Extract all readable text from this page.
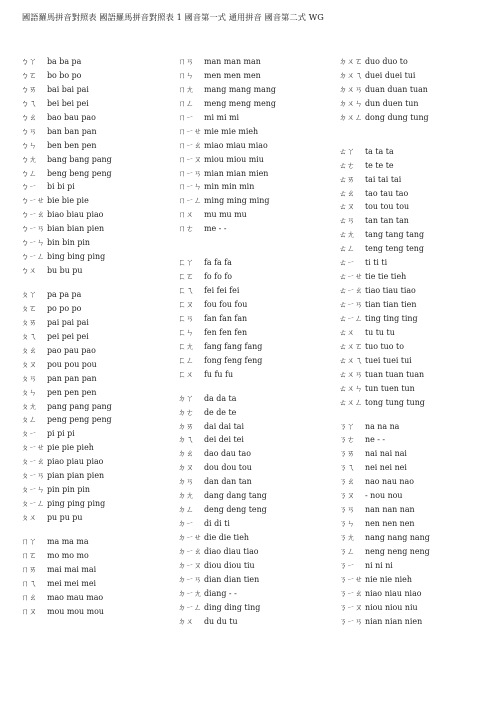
國語羅馬拼音對照表 國語羅馬拼音對照表 1 國音第一式 通用拼音 國音第二式 WG
ㄅㄚ ba ba pa
ㄅㄛ bo bo po
ㄅㄞ bai bai pai
ㄅㄟ bei bei pei
ㄅㄠ bao bau pao
ㄅㄢ ban ban pan
ㄅㄣ ben ben pen
ㄅㄤ bang bang pang
ㄅㄥ beng beng peng
ㄅㄧ bi bi pi
ㄅㄧㄝ bie bie pie
ㄅㄧㄠ biao biau piao
ㄅㄧㄢ bian bian pien
ㄅㄧㄣ bin bin pin
ㄅㄧㄥ bing bing ping
ㄅㄨ bu bu pu
ㄆㄚ pa pa pa
ㄆㄛ po po po
ㄆㄞ pai pai pai
ㄆㄟ pei pei pei
ㄆㄠ pao pau pao
ㄆㄡ pou pou pou
ㄆㄢ pan pan pan
ㄆㄣ pen pen pen
ㄆㄤ pang pang pang
ㄆㄥ peng peng peng
ㄆㄧ pi pi pi
ㄆㄧㄝ pie pie pieh
ㄆㄧㄠ piao piau piao
ㄆㄧㄢ pian pian pien
ㄆㄧㄣ pin pin pin
ㄆㄧㄥ ping ping ping
ㄆㄨ pu pu pu
ㄇㄚ ma ma ma
ㄇㄛ mo mo mo
ㄇㄞ mai mai mai
ㄇㄟ mei mei mei
ㄇㄠ mao mau mao
ㄇㄡ mou mou mou
ㄇㄢ man man man
ㄇㄣ men men men
ㄇㄤ mang mang mang
ㄇㄥ meng meng meng
ㄇㄧ mi mi mi
ㄇㄧㄝ mie mie mieh
ㄇㄧㄠ miao miau miao
ㄇㄧㄡ miou miou miu
ㄇㄧㄢ mian mian mien
ㄇㄧㄣ min min min
ㄇㄧㄥ ming ming ming
ㄇㄨ mu mu mu
ㄇㄜ me - -
ㄈㄚ fa fa fa
ㄈㄛ fo fo fo
ㄈㄟ fei fei fei
ㄈㄡ fou fou fou
ㄈㄢ fan fan fan
ㄈㄣ fen fen fen
ㄈㄤ fang fang fang
ㄈㄥ fong feng feng
ㄈㄨ fu fu fu
ㄉㄚ da da ta
ㄉㄜ de de te
ㄉㄞ dai dai tai
ㄉㄟ dei dei tei
ㄉㄠ dao dau tao
ㄉㄡ dou dou tou
ㄉㄢ dan dan tan
ㄉㄤ dang dang tang
ㄉㄥ deng deng teng
ㄉㄧ di di ti
ㄉㄧㄝ die die tieh
ㄉㄧㄠ diao diau tiao
ㄉㄧㄡ diou diou tiu
ㄉㄧㄢ dian dian tien
ㄉㄧㄤ diang - -
ㄉㄧㄥ ding ding ting
ㄉㄨ du du tu
ㄉㄨㄛ duo duo to
ㄉㄨㄟ duei duei tui
ㄉㄨㄢ duan duan tuan
ㄉㄨㄣ dun duen tun
ㄉㄨㄥ dong dung tung
ㄊㄚ ta ta ta
ㄊㄜ te te te
ㄊㄞ tai tai tai
ㄊㄠ tao tau tao
ㄊㄡ tou tou tou
ㄊㄢ tan tan tan
ㄊㄤ tang tang tang
ㄊㄥ teng teng teng
ㄊㄧ ti ti ti
ㄊㄧㄝ tie tie tieh
ㄊㄧㄠ tiao tiau tiao
ㄊㄧㄢ tian tian tien
ㄊㄧㄥ ting ting ting
ㄊㄨ tu tu tu
ㄊㄨㄛ tuo tuo to
ㄊㄨㄟ tuei tuei tui
ㄊㄨㄢ tuan tuan tuan
ㄊㄨㄣ tun tuen tun
ㄊㄨㄥ tong tung tung
ㄋㄚ na na na
ㄋㄜ ne - -
ㄋㄞ nai nai nai
ㄋㄟ nei nei nei
ㄋㄠ nao nau nao
ㄋㄡ - nou nou
ㄋㄢ nan nan nan
ㄋㄣ nen nen nen
ㄋㄤ nang nang nang
ㄋㄥ neng neng neng
ㄋㄧ ni ni ni
ㄋㄧㄝ nie nie nieh
ㄋㄧㄠ niao niau niao
ㄋㄧㄡ niou niou niu
ㄋㄧㄢ nian nian nien
